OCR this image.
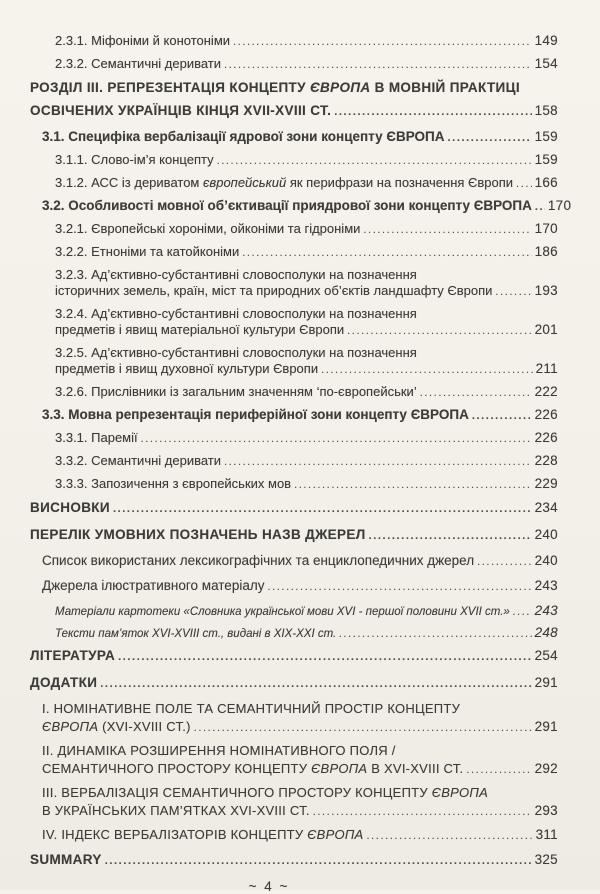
2.3.1. Міфоніми й конотоніми .....	149
2.3.2. Семантичні деривати .....	154
РОЗДІЛ III. РЕПРЕЗЕНТАЦІЯ КОНЦЕПТУ ЄВРОПА В МОВНІЙ ПРАКТИЦІ
ОСВІЧЕНИХ УКРАЇНЦІВ КІНЦЯ XVII-XVIII СТ. .....	158
3.1. Специфіка вербалізації ядрової зони концепту ЄВРОПА .....	159
3.1.1. Слово-ім’я концепту .....	159
3.1.2. АСС із дериватом європейський як перифрази на позначення Європи ..... 166
3.2. Особливості мовної об’єктивації приядрової зони концепту ЄВРОПА ..... 170
3.2.1. Європейські хороніми, ойконіми та гідроніми .....	170
3.2.2. Етноніми та катойконіми .....	186
3.2.3. Ад’єктивно-субстантивні словосполуки на позначення
історичних земель, країн, міст та природних об’єктів ландшафту Європи .....	193
3.2.4. Ад’єктивно-субстантивні словосполуки на позначення
предметів і явищ матеріальної культури Європи .....	201
3.2.5. Ад’єктивно-субстантивні словосполуки на позначення
предметів і явищ духовної культури Європи .....	211
3.2.6. Прислівники із загальним значенням ‘по-європейськи’ .....	222
3.3. Мовна репрезентація периферійної зони концепту ЄВРОПА .....	226
3.3.1. Паремії .....	226
3.3.2. Семантичні деривати .....	228
3.3.3. Запозичення з європейських мов .....	229
ВИСНОВКИ .....	234
ПЕРЕЛІК УМОВНИХ ПОЗНАЧЕНЬ НАЗВ ДЖЕРЕЛ .....	240
Список використаних лексикографічних та енциклопедичних джерел .....	240
Джерела ілюстративного матеріалу .....	243
Матеріали картотеки «Словника української мови XVI - першої половини XVII ст.» ..... 243
Тексти пам’яток XVI-XVIII ст., видані в XIX-XXI ст. .....	248
ЛІТЕРАТУРА .....	254
ДОДАТКИ .....	291
I. НОМІНАТИВНЕ ПОЛЕ ТА СЕМАНТИЧНИЙ ПРОСТІР КОНЦЕПТУ
ЄВРОПА (XVI-XVIII СТ.) .....	291
II. ДИНАМІКА РОЗШИРЕННЯ НОМІНАТИВНОГО ПОЛЯ /
СЕМАНТИЧНОГО ПРОСТОРУ КОНЦЕПТУ ЄВРОПА В XVI-XVIII СТ. .....	292
III. ВЕРБАЛІЗАЦІЯ СЕМАНТИЧНОГО ПРОСТОРУ КОНЦЕПТУ ЄВРОПА
В УКРАЇНСЬКИХ ПАМ’ЯТКАХ XVI-XVIII СТ. .....	293
IV. ІНДЕКС ВЕРБАЛІЗАТОРІВ КОНЦЕПТУ ЄВРОПА .....	311
SUMMARY .....	325
~ 4 ~
